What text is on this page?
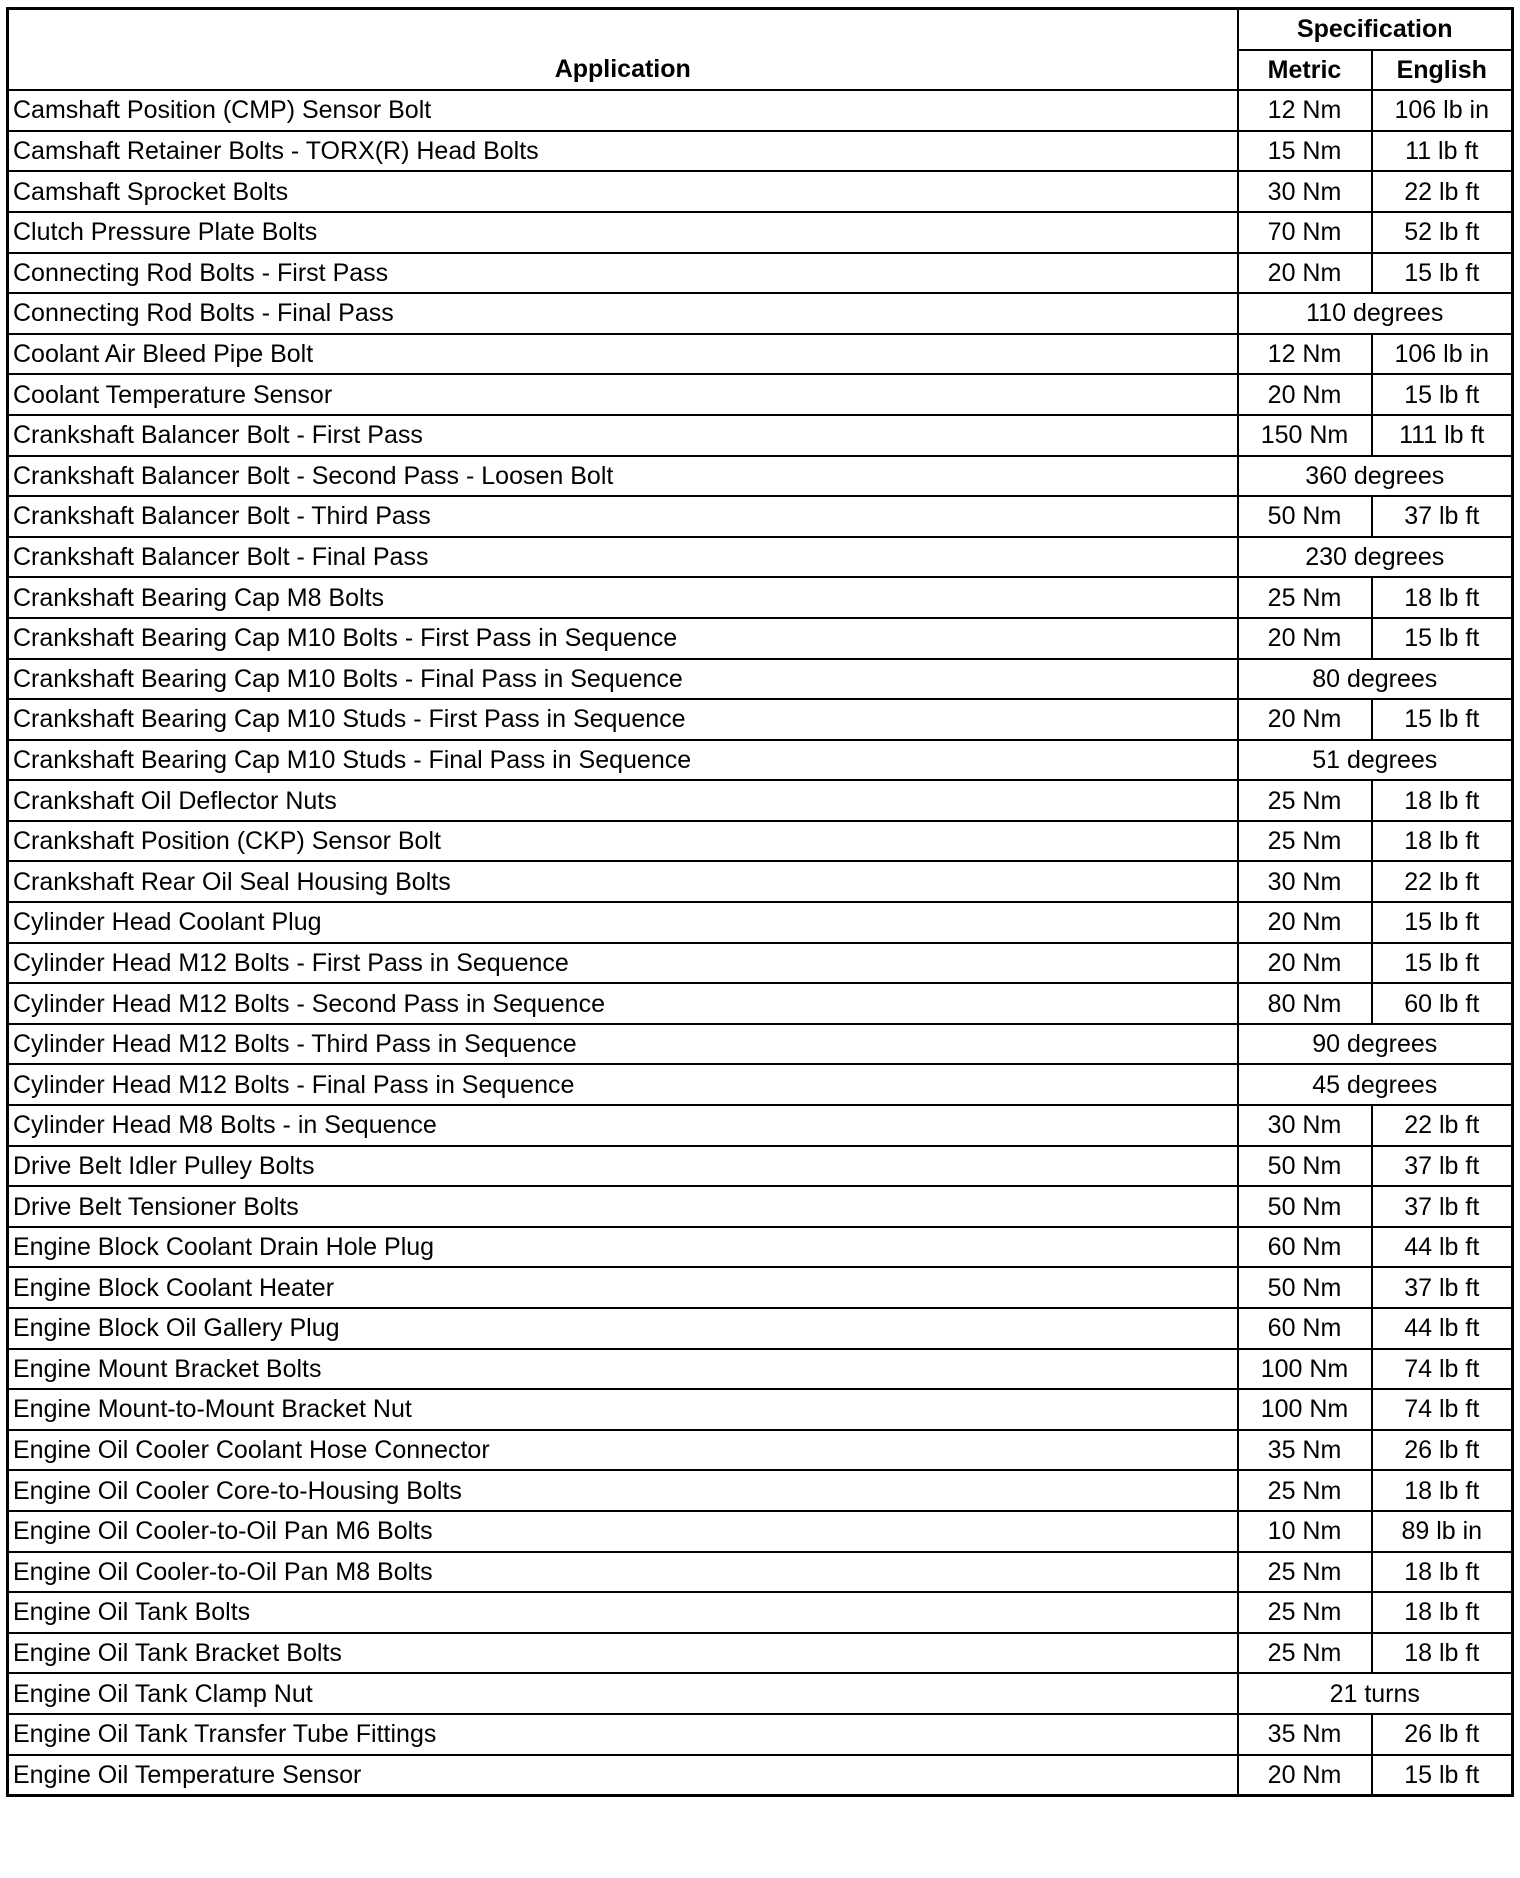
Application	Specification	
	Metric	English
Camshaft Position (CMP) Sensor Bolt	12 Nm	106 lb in
Camshaft Retainer Bolts - TORX(R) Head Bolts	15 Nm	11 lb ft
Camshaft Sprocket Bolts	30 Nm	22 lb ft
Clutch Pressure Plate Bolts	70 Nm	52 lb ft
Connecting Rod Bolts - First Pass	20 Nm	15 lb ft
Connecting Rod Bolts - Final Pass	110 degrees	
Coolant Air Bleed Pipe Bolt	12 Nm	106 lb in
Coolant Temperature Sensor	20 Nm	15 lb ft
Crankshaft Balancer Bolt - First Pass	150 Nm	111 lb ft
Crankshaft Balancer Bolt - Second Pass - Loosen Bolt	360 degrees	
Crankshaft Balancer Bolt - Third Pass	50 Nm	37 lb ft
Crankshaft Balancer Bolt - Final Pass	230 degrees	
Crankshaft Bearing Cap M8 Bolts	25 Nm	18 lb ft
Crankshaft Bearing Cap M10 Bolts - First Pass in Sequence	20 Nm	15 lb ft
Crankshaft Bearing Cap M10 Bolts - Final Pass in Sequence	80 degrees	
Crankshaft Bearing Cap M10 Studs - First Pass in Sequence	20 Nm	15 lb ft
Crankshaft Bearing Cap M10 Studs - Final Pass in Sequence	51 degrees	
Crankshaft Oil Deflector Nuts	25 Nm	18 lb ft
Crankshaft Position (CKP) Sensor Bolt	25 Nm	18 lb ft
Crankshaft Rear Oil Seal Housing Bolts	30 Nm	22 lb ft
Cylinder Head Coolant Plug	20 Nm	15 lb ft
Cylinder Head M12 Bolts - First Pass in Sequence	20 Nm	15 lb ft
Cylinder Head M12 Bolts - Second Pass in Sequence	80 Nm	60 lb ft
Cylinder Head M12 Bolts - Third Pass in Sequence	90 degrees	
Cylinder Head M12 Bolts - Final Pass in Sequence	45 degrees	
Cylinder Head M8 Bolts - in Sequence	30 Nm	22 lb ft
Drive Belt Idler Pulley Bolts	50 Nm	37 lb ft
Drive Belt Tensioner Bolts	50 Nm	37 lb ft
Engine Block Coolant Drain Hole Plug	60 Nm	44 lb ft
Engine Block Coolant Heater	50 Nm	37 lb ft
Engine Block Oil Gallery Plug	60 Nm	44 lb ft
Engine Mount Bracket Bolts	100 Nm	74 lb ft
Engine Mount-to-Mount Bracket Nut	100 Nm	74 lb ft
Engine Oil Cooler Coolant Hose Connector	35 Nm	26 lb ft
Engine Oil Cooler Core-to-Housing Bolts	25 Nm	18 lb ft
Engine Oil Cooler-to-Oil Pan M6 Bolts	10 Nm	89 lb in
Engine Oil Cooler-to-Oil Pan M8 Bolts	25 Nm	18 lb ft
Engine Oil Tank Bolts	25 Nm	18 lb ft
Engine Oil Tank Bracket Bolts	25 Nm	18 lb ft
Engine Oil Tank Clamp Nut	21 turns	
Engine Oil Tank Transfer Tube Fittings	35 Nm	26 lb ft
Engine Oil Temperature Sensor	20 Nm	15 lb ft
